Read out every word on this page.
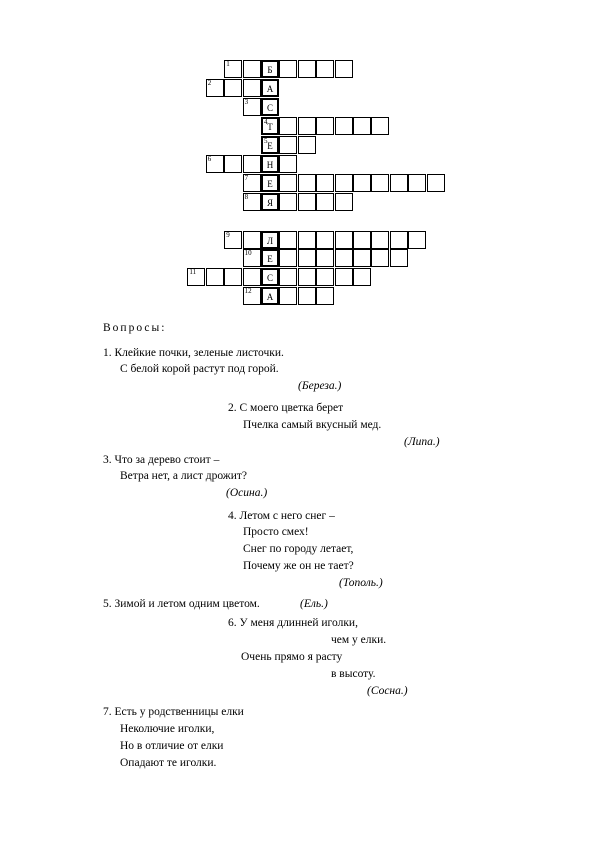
1
Б
2
А
3
С
Т
4
Е
5
6
Н
7
Е
8
Я
9
Л
10
Е
11
С
12
А
Вопросы:
1. Клейкие почки, зеленые листочки.
С белой корой растут под горой.
(Береза.)
2. С моего цветка берет
Пчелка самый вкусный мед.
(Липа.)
3. Что за дерево стоит –
Ветра нет, а лист дрожит?
(Осина.)
4. Летом с него снег –
Просто смех!
Снег по городу летает,
Почему же он не тает?
(Тополь.)
5. Зимой и летом одним цветом.	(Ель.)
6. У меня длинней иголки,
чем у елки.
Очень прямо я расту
в высоту.
(Сосна.)
7. Есть у родственницы елки
Неколючие иголки,
Но в отличие от елки
Опадают те иголки.
